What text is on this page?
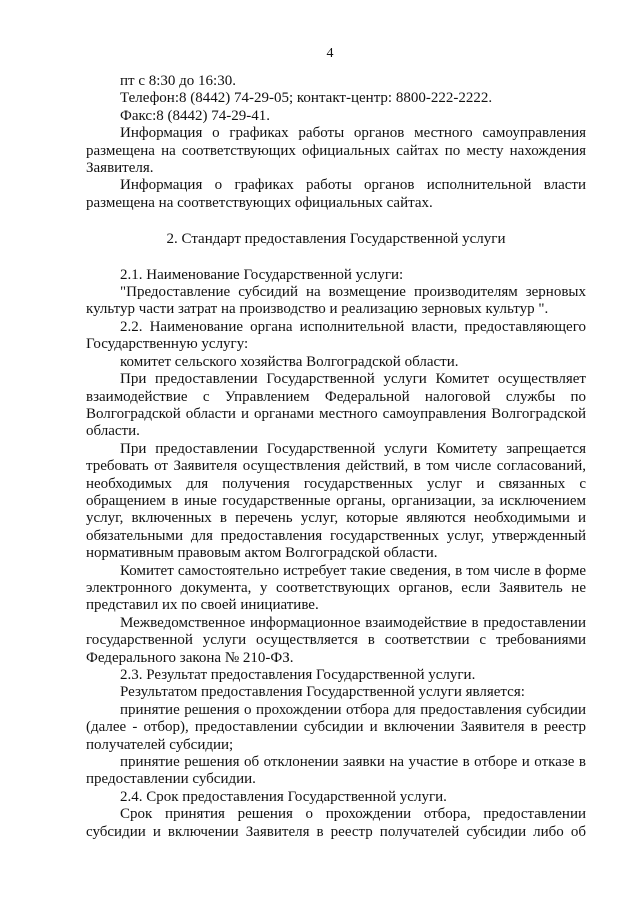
4

пт с 8:30 до 16:30.

Телефон:8 (8442) 74-29-05; контакт-центр: 8800-222-2222.

Факс:8 (8442) 74-29-41.

Информация о графиках работы органов местного самоуправления размещена на соответствующих официальных сайтах по месту нахождения Заявителя.

Информация о графиках работы органов исполнительной власти размещена на соответствующих официальных сайтах.

2. Стандарт предоставления Государственной услуги

2.1. Наименование Государственной услуги:

"Предоставление субсидий на возмещение производителям зерновых культур части затрат на производство и реализацию зерновых культур ".

2.2. Наименование органа исполнительной власти, предоставляющего Государственную услугу:

комитет сельского хозяйства Волгоградской области.

При предоставлении Государственной услуги Комитет осуществляет взаимодействие с Управлением Федеральной налоговой службы по Волгоградской области и органами местного самоуправления Волгоградской области.

При предоставлении Государственной услуги Комитету запрещается требовать от Заявителя осуществления действий, в том числе согласований, необходимых для получения государственных услуг и связанных с обращением в иные государственные органы, организации, за исключением услуг, включенных в перечень услуг, которые являются необходимыми и обязательными для предоставления государственных услуг, утвержденный нормативным правовым актом Волгоградской области.

Комитет самостоятельно истребует такие сведения, в том числе в форме электронного документа, у соответствующих органов, если Заявитель не представил их по своей инициативе.

Межведомственное информационное взаимодействие в предоставлении государственной услуги осуществляется в соответствии с требованиями Федерального закона № 210-ФЗ.

2.3. Результат предоставления Государственной услуги.

Результатом предоставления Государственной услуги является:

принятие решения о прохождении отбора для предоставления субсидии (далее - отбор), предоставлении субсидии и включении Заявителя в реестр получателей субсидии;

принятие решения об отклонении заявки на участие в отборе и отказе в предоставлении субсидии.

2.4. Срок предоставления Государственной услуги.

Срок принятия решения о прохождении отбора, предоставлении субсидии и включении Заявителя в реестр получателей субсидии либо об
